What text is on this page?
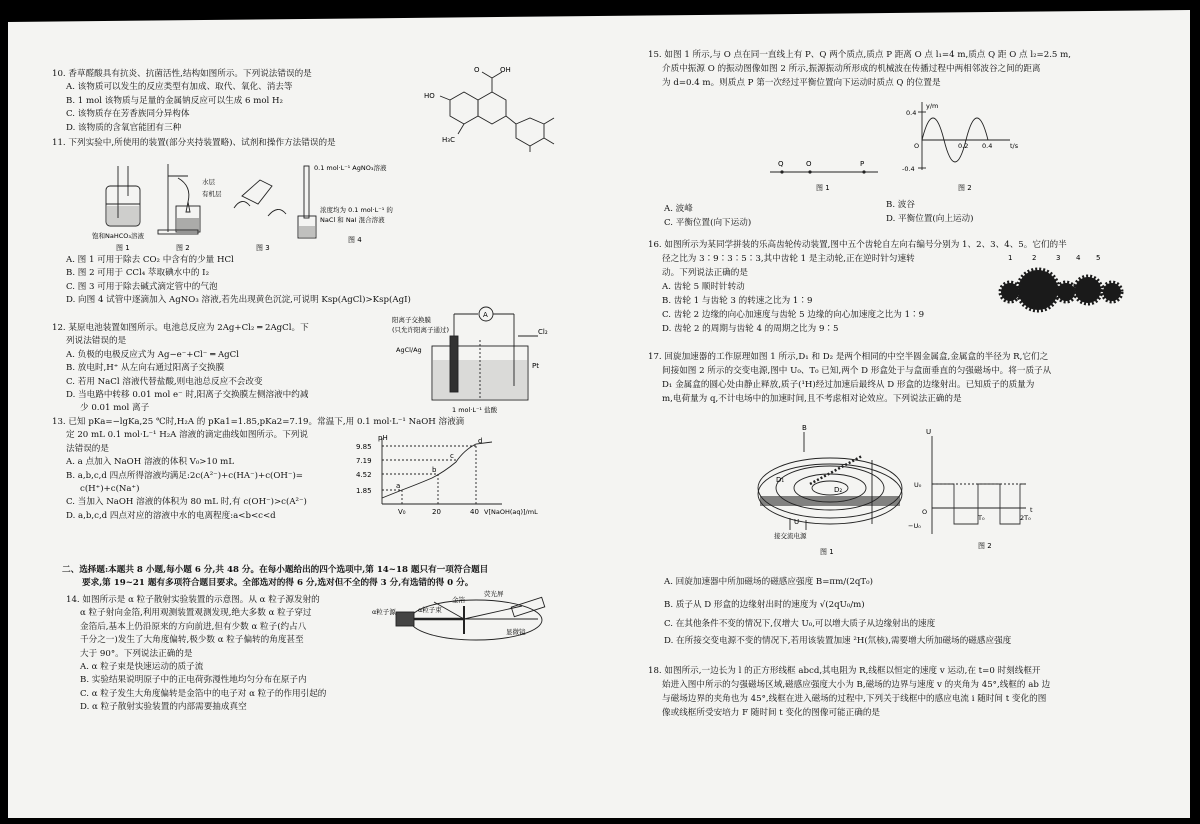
10. 香草醛酸具有抗炎、抗菌活性,结构如图所示。下列说法错误的是

A. 该物质可以发生的反应类型有加成、取代、氧化、消去等

B. 1 mol 该物质与足量的金属钠反应可以生成 6 mol H₂

C. 该物质存在芳香族同分异构体

D. 该物质的含氧官能团有三种

O	OH
HO
H₃C

11. 下列实验中,所使用的装置(部分夹持装置略)、试剂和操作方法错误的是

饱和NaHCO₃溶液
图 1
水层
有机层
图 2	图 3
0.1 mol·L⁻¹ AgNO₃溶液
浓度均为 0.1 mol·L⁻¹ 的
NaCl 和 NaI 混合溶液
图 4

A. 图 1 可用于除去 CO₂ 中含有的少量 HCl

B. 图 2 可用于 CCl₄ 萃取碘水中的 I₂

C. 图 3 可用于除去碱式滴定管中的气泡

D. 向图 4 试管中逐滴加入 AgNO₃ 溶液,若先出现黄色沉淀,可说明 Ksp(AgCl)>Ksp(AgI)

12. 某原电池装置如图所示。电池总反应为 2Ag+Cl₂ ═ 2AgCl。下

列说法错误的是

A. 负极的电极反应式为 Ag−e⁻+Cl⁻ ═ AgCl

B. 放电时,H⁺ 从左向右通过阳离子交换膜

C. 若用 NaCl 溶液代替盐酸,则电池总反应不会改变

D. 当电路中转移 0.01 mol e⁻ 时,阳离子交换膜左侧溶液中约减

少 0.01 mol 离子

阳离子交换膜
(只允许阳离子通过)
AgCl/Ag
A
Cl₂
Pt
1 mol·L⁻¹ 盐酸

13. 已知 pKa=−lgKa,25 ℃时,H₂A 的 pKa1=1.85,pKa2=7.19。常温下,用 0.1 mol·L⁻¹ NaOH 溶液滴

定 20 mL 0.1 mol·L⁻¹ H₂A 溶液的滴定曲线如图所示。下列说

法错误的是

A. a 点加入 NaOH 溶液的体积 V₀>10 mL

B. a,b,c,d 四点所得溶液均满足:2c(A²⁻)+c(HA⁻)+c(OH⁻)=

c(H⁺)+c(Na⁺)

C. 当加入 NaOH 溶液的体积为 80 mL 时,有 c(OH⁻)>c(A²⁻)

D. a,b,c,d 四点对应的溶液中水的电离程度:a<b<c<d

pH
9.85
7.19
4.52
1.85
V₀	20	40 V[NaOH(aq)]/mL
a
b
c
d

二、选择题:本题共 8 小题,每小题 6 分,共 48 分。在每小题给出的四个选项中,第 14~18 题只有一项符合题目

要求,第 19~21 题有多项符合题目要求。全部选对的得 6 分,选对但不全的得 3 分,有选错的得 0 分。

14. 如图所示是 α 粒子散射实验装置的示意图。从 α 粒子源发射的

α 粒子射向金箔,利用观测装置观测发现,绝大多数 α 粒子穿过

金箔后,基本上仍沿原来的方向前进,但有少数 α 粒子(约占八

千分之一)发生了大角度偏转,极少数 α 粒子偏转的角度甚至

大于 90°。下列说法正确的是

A. α 粒子束是快速运动的质子流

B. 实验结果说明原子中的正电荷弥漫性地均匀分布在原子内

C. α 粒子发生大角度偏转是金箔中的电子对 α 粒子的作用引起的

D. α 粒子散射实验装置的内部需要抽成真空

α粒子源	α粒子束
金箔
荧光屏
显微镜

15. 如图 1 所示,与 O 点在同一直线上有 P、Q 两个质点,质点 P 距离 O 点 l₁=4 m,质点 Q 距 O 点 l₂=2.5 m,

介质中振源 O 的振动图像如图 2 所示,振源振动所形成的机械波在传播过程中两相邻波谷之间的距离

为 d=0.4 m。则质点 P 第一次经过平衡位置向下运动时质点 Q 的位置是

Q	O	P
图 1
y/m
0.4
-0.4
O	0.2 0.4	t/s
图 2

A. 波峰	B. 波谷

C. 平衡位置(向下运动)	D. 平衡位置(向上运动)

16. 如图所示为某同学拼装的乐高齿轮传动装置,图中五个齿轮自左向右编号分别为 1、2、3、4、5。它们的半

径之比为 3∶9∶3∶5∶3,其中齿轮 1 是主动轮,正在逆时针匀速转

动。下列说法正确的是

A. 齿轮 5 顺时针转动

B. 齿轮 1 与齿轮 3 的转速之比为 1∶9

C. 齿轮 2 边缘的向心加速度与齿轮 5 边缘的向心加速度之比为 1∶9

D. 齿轮 2 的周期与齿轮 4 的周期之比为 9∶5

1	2	3 4 5

17. 回旋加速器的工作原理如图 1 所示,D₁ 和 D₂ 是两个相同的中空半圆金属盒,金属盒的半径为 R,它们之

间接如图 2 所示的交变电源,图中 U₀、T₀ 已知,两个 D 形盒处于与盒面垂直的匀强磁场中。将一质子从

D₁ 金属盒的圆心处由静止释放,质子(¹H)经过加速后最终从 D 形盒的边缘射出。已知质子的质量为

m,电荷量为 q,不计电场中的加速时间,且不考虑相对论效应。下列说法正确的是

B
D₁
D₂
U
接交流电源
图 1
U
U₀
O
−U₀
T₀	2T₀
t
图 2

A. 回旋加速器中所加磁场的磁感应强度 B=πm/(2qT₀)

B. 质子从 D 形盒的边缘射出时的速度为 √(2qU₀/m)

C. 在其他条件不变的情况下,仅增大 U₀,可以增大质子从边缘射出的速度

D. 在所接交变电源不变的情况下,若用该装置加速 ²H(氘核),需要增大所加磁场的磁感应强度

18. 如图所示,一边长为 l 的正方形线框 abcd,其电阻为 R,线框以恒定的速度 v 运动,在 t=0 时刻线框开

始进入图中所示的匀强磁场区域,磁感应强度大小为 B,磁场的边界与速度 v 的夹角为 45°,线框的 ab 边

与磁场边界的夹角也为 45°,线框在进入磁场的过程中,下列关于线框中的感应电流 i 随时间 t 变化的图

像或线框所受安培力 F 随时间 t 变化的图像可能正确的是
